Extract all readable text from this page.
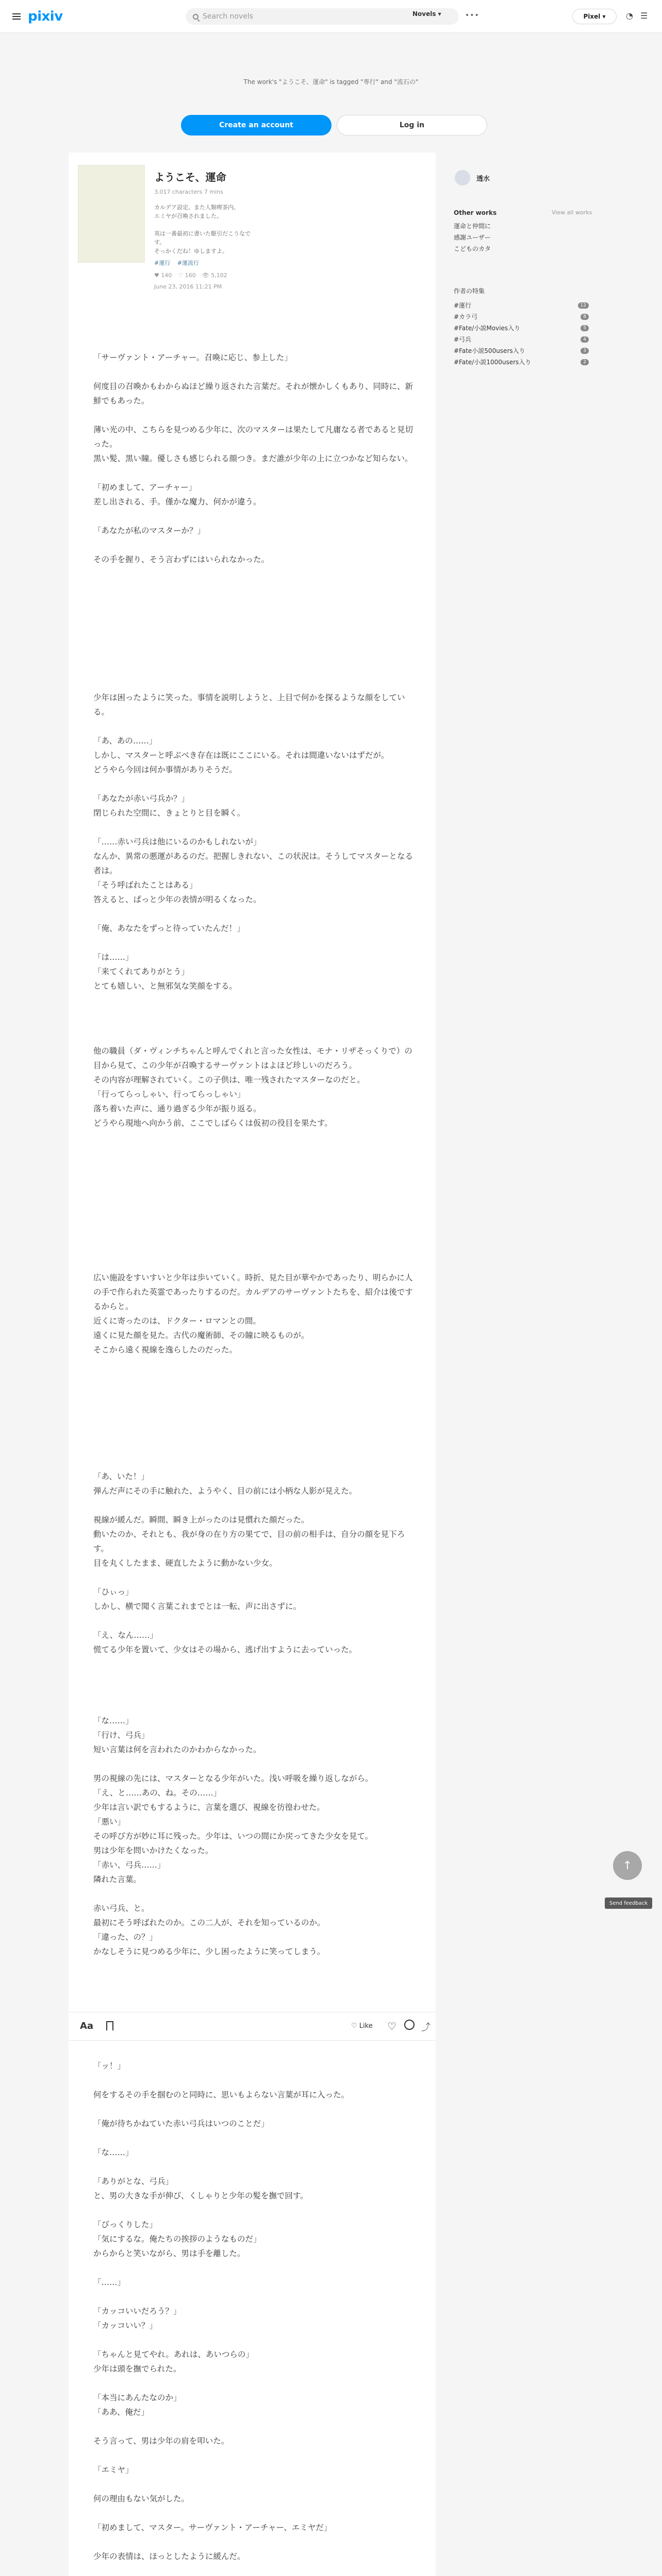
pixiv	Search novels	Novels ▾	•••	Pixel ▾	◔ ☰
The work's "ようこそ、運命" is tagged "専行" and "流石の"
Create an account	Log in
ようこそ、運命
3,017 characters 7 mins
カルデア設定、また人類喫茶内。
エミヤが召喚されました。

英は一番最初に書いた駆引だこうなです。
そっかくだね！ゆしますよ。
#運行 #運流行
♥ 140 ♡ 160 👁 5,102
June 23, 2016 11:21 PM
「サーヴァント・アーチャー。召喚に応じ、参上した」

何度目の召喚かもわからぬほど繰り返された言葉だ。それが懐かしくもあり、同時に、新鮮でもあった。

薄い光の中、こちらを見つめる少年に、次のマスターは果たして凡庸なる者であると見切った。
黒い髪、黒い瞳。優しさも感じられる顔つき。まだ誰が少年の上に立つかなど知らない。

「初めまして、アーチャー」
差し出される、手。僅かな魔力、何かが違う。

「あなたが私のマスターか？」

その手を握り、そう言わずにはいられなかった。
少年は困ったように笑った。事情を説明しようと、上目で何かを探るような顔をしている。

「あ、あの……」
しかし、マスターと呼ぶべき存在は既にここにいる。それは間違いないはずだが。
どうやら今回は何か事情がありそうだ。

「あなたが赤い弓兵か？」
閉じられた空間に、きょとりと目を瞬く。

「……赤い弓兵は他にいるのかもしれないが」
なんか、異常の悪運があるのだ。把握しきれない、この状況は。そうしてマスターとなる者は。
「そう呼ばれたことはある」
答えると、ぱっと少年の表情が明るくなった。

「俺、あなたをずっと待っていたんだ！」

「は……」
「来てくれてありがとう」
とても嬉しい、と無邪気な笑顔をする。
他の職員（ダ・ヴィンチちゃんと呼んでくれと言った女性は、モナ・リザそっくりで）の目から見て、この少年が召喚するサーヴァントはよほど珍しいのだろう。
その内容が理解されていく。この子供は、唯一残されたマスターなのだと。
「行ってらっしゃい、行ってらっしゃい」
落ち着いた声に、通り過ぎる少年が振り返る。
どうやら現地へ向かう前、ここでしばらくは仮初の役目を果たす。
広い施設をすいすいと少年は歩いていく。時折、見た目が華やかであったり、明らかに人の手で作られた英霊であったりするのだ。カルデアのサーヴァントたちを、紹介は後でするからと。
近くに寄ったのは、ドクター・ロマンとの間。
遠くに見た顔を見た。古代の魔術師、その瞳に映るものが。
そこから遠く視線を逸らしたのだった。
「あ、いた！」
弾んだ声にその手に触れた、ようやく、目の前には小柄な人影が見えた。

視線が緩んだ。瞬間、瞬き上がったのは見慣れた顔だった。
動いたのか、それとも、我が身の在り方の果てで、目の前の相手は、自分の顔を見下ろす。
目を丸くしたまま、硬直したように動かない少女。

「ひぃっ」
しかし、横で聞く言葉これまでとは一転、声に出さずに。

「え、なん……」
慌てる少年を置いて、少女はその場から、逃げ出すように去っていった。
「な……」
「行け、弓兵」
短い言葉は何を言われたのかわからなかった。

男の視線の先には、マスターとなる少年がいた。浅い呼吸を繰り返しながら。
「え、と……あの、ね。その……」
少年は言い訳でもするように、言葉を選び、視線を彷徨わせた。
「悪い」
その呼び方が妙に耳に残った。少年は、いつの間にか戻ってきた少女を見て。
男は少年を問いかけたくなった。
「赤い、弓兵……」
隣れた言葉。

赤い弓兵、と。
最初にそう呼ばれたのか。この二人が、それを知っているのか。
「違った、の？」
かなしそうに見つめる少年に、少し困ったように笑ってしまう。
「ッ！」

何をするその手を掴むのと同時に、思いもよらない言葉が耳に入った。

「俺が待ちかねていた赤い弓兵はいつのことだ」

「な……」

「ありがとな、弓兵」
と、男の大きな手が伸び、くしゃりと少年の髪を撫で回す。

「びっくりした」
「気にするな。俺たちの挨拶のようなものだ」
からからと笑いながら、男は手を離した。

「……」

「カッコいいだろう？」
「カッコいい？」

「ちゃんと見てやれ。あれは、あいつらの」
少年は頭を撫でられた。

「本当にあんたなのか」
「ああ、俺だ」

そう言って、男は少年の肩を叩いた。

「エミヤ」

何の理由もない気がした。

「初めまして、マスター。サーヴァント・アーチャー、エミヤだ」

少年の表情は、ほっとしたように緩んだ。

Aa	♡ Like ♡	⤴
透水
Other works	View all works
運命と仲間に
感謝ユーザー
こどものカタ
作者の特集
#運行	12
#カラ弓	8
#Fate/小説Movies入り	5
#弓兵	4
#Fate小説500users入り	3
#Fate/小説1000users入り	2
↑
Send feedback
